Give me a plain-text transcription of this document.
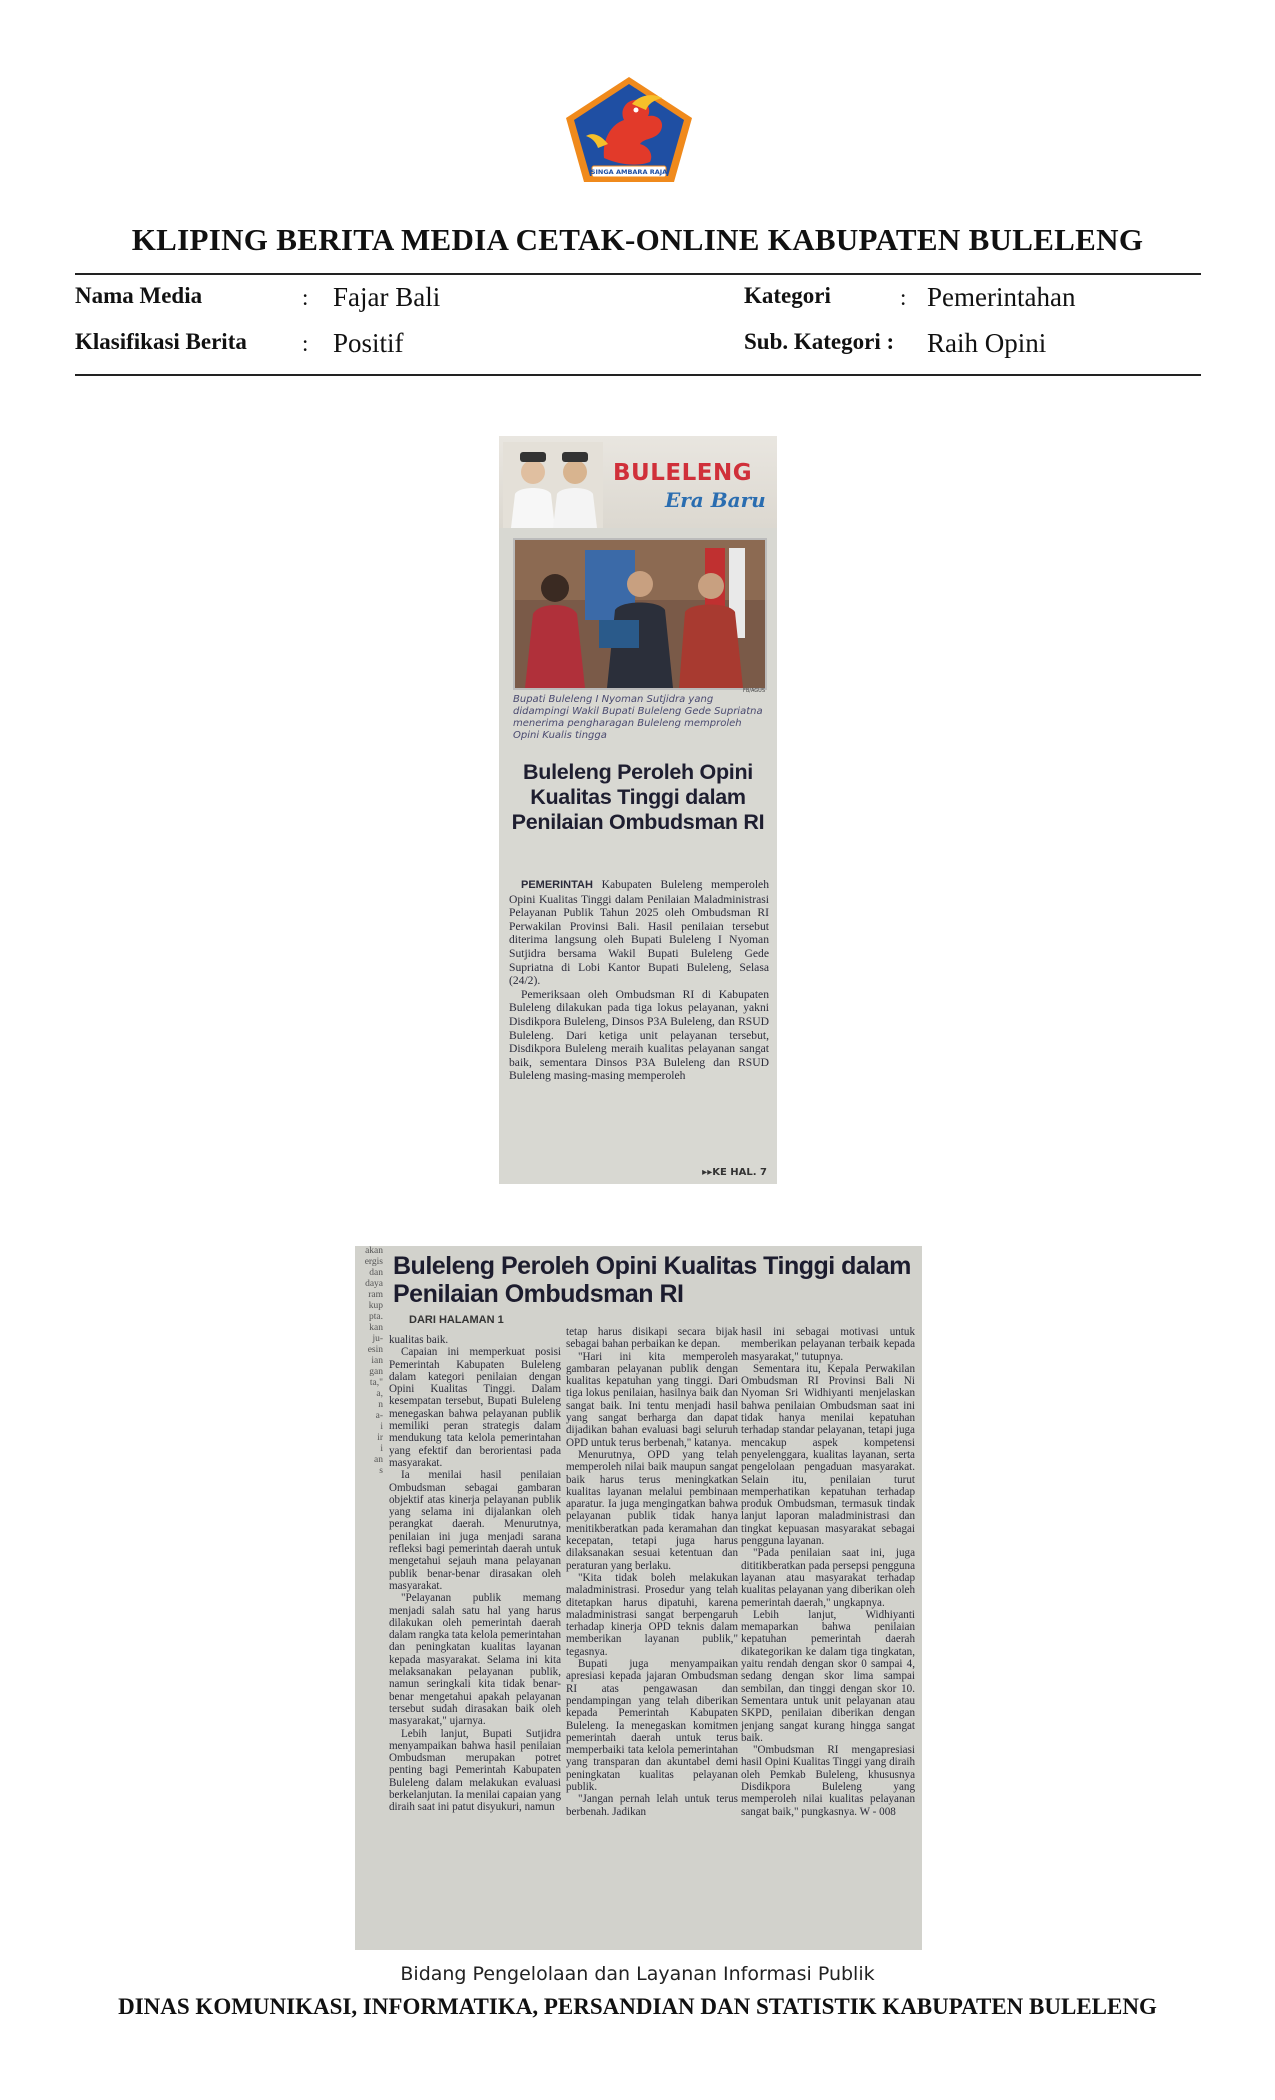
SINGA AMBARA RAJA
KLIPING BERITA MEDIA CETAK-ONLINE KABUPATEN BULELENG
Nama Media	: Fajar Bali	Kategori	: Pemerintahan
Klasifikasi Berita : Positif	Sub. Kategori : Raih Opini
BULELENG
Era Baru
FB/AGUS
Bupati Buleleng I Nyoman Sutjidra yang didampingi Wakil Bupati Buleleng Gede Supriatna menerima pengharagan Buleleng memproleh Opini Kualis tingga
Buleleng Peroleh Opini Kualitas Tinggi dalam Penilaian Ombudsman RI

PEMERINTAH Kabupaten Buleleng memperoleh Opini Kualitas Tinggi dalam Penilaian Maladministrasi Pelayanan Publik Tahun 2025 oleh Ombudsman RI Perwakilan Provinsi Bali. Hasil penilaian tersebut diterima langsung oleh Bupati Buleleng I Nyoman Sutjidra bersama Wakil Bupati Buleleng Gede Supriatna di Lobi Kantor Bupati Buleleng, Selasa (24/2).

Pemeriksaan oleh Ombudsman RI di Kabupaten Buleleng dilakukan pada tiga lokus pelayanan, yakni Disdikpora Buleleng, Dinsos P3A Buleleng, dan RSUD Buleleng. Dari ketiga unit pelayanan tersebut, Disdikpora Buleleng meraih kualitas pelayanan sangat baik, sementara Dinsos P3A Buleleng dan RSUD Buleleng masing-masing memperoleh

▸▸KE HAL. 7
akan
ergis
dan
daya
ram
kup
pta.
kan
ju-
esin
ian
gan
ta,"
a,
n
a-
i
ir
i
an
s
Buleleng Peroleh Opini Kualitas Tinggi dalam Penilaian Ombudsman RI
DARI HALAMAN 1

kualitas baik.

Capaian ini memperkuat posisi Pemerintah Kabupaten Buleleng dalam kategori penilaian dengan Opini Kualitas Tinggi. Dalam kesempatan tersebut, Bupati Buleleng menegaskan bahwa pelayanan publik memiliki peran strategis dalam mendukung tata kelola pemerintahan yang efektif dan berorientasi pada masyarakat.

Ia menilai hasil penilaian Ombudsman sebagai gambaran objektif atas kinerja pelayanan publik yang selama ini dijalankan oleh perangkat daerah. Menurutnya, penilaian ini juga menjadi sarana refleksi bagi pemerintah daerah untuk mengetahui sejauh mana pelayanan publik benar-benar dirasakan oleh masyarakat.

"Pelayanan publik memang menjadi salah satu hal yang harus dilakukan oleh pemerintah daerah dalam rangka tata kelola pemerintahan dan peningkatan kualitas layanan kepada masyarakat. Selama ini kita melaksanakan pelayanan publik, namun seringkali kita tidak benar-benar mengetahui apakah pelayanan tersebut sudah dirasakan baik oleh masyarakat," ujarnya.

Lebih lanjut, Bupati Sutjidra menyampaikan bahwa hasil penilaian Ombudsman merupakan potret penting bagi Pemerintah Kabupaten Buleleng dalam melakukan evaluasi berkelanjutan. Ia menilai capaian yang diraih saat ini patut disyukuri, namun

tetap harus disikapi secara bijak sebagai bahan perbaikan ke depan.

"Hari ini kita memperoleh gambaran pelayanan publik dengan kualitas kepatuhan yang tinggi. Dari tiga lokus penilaian, hasilnya baik dan sangat baik. Ini tentu menjadi hasil yang sangat berharga dan dapat dijadikan bahan evaluasi bagi seluruh OPD untuk terus berbenah," katanya.

Menurutnya, OPD yang telah memperoleh nilai baik maupun sangat baik harus terus meningkatkan kualitas layanan melalui pembinaan aparatur. Ia juga mengingatkan bahwa pelayanan publik tidak hanya menitikberatkan pada keramahan dan kecepatan, tetapi juga harus dilaksanakan sesuai ketentuan dan peraturan yang berlaku.

"Kita tidak boleh melakukan maladministrasi. Prosedur yang telah ditetapkan harus dipatuhi, karena maladministrasi sangat berpengaruh terhadap kinerja OPD teknis dalam memberikan layanan publik," tegasnya.

Bupati juga menyampaikan apresiasi kepada jajaran Ombudsman RI atas pengawasan dan pendampingan yang telah diberikan kepada Pemerintah Kabupaten Buleleng. Ia menegaskan komitmen pemerintah daerah untuk terus memperbaiki tata kelola pemerintahan yang transparan dan akuntabel demi peningkatan kualitas pelayanan publik.

"Jangan pernah lelah untuk terus berbenah. Jadikan

hasil ini sebagai motivasi untuk memberikan pelayanan terbaik kepada masyarakat," tutupnya.

Sementara itu, Kepala Perwakilan Ombudsman RI Provinsi Bali Ni Nyoman Sri Widhiyanti menjelaskan bahwa penilaian Ombudsman saat ini tidak hanya menilai kepatuhan terhadap standar pelayanan, tetapi juga mencakup aspek kompetensi penyelenggara, kualitas layanan, serta pengelolaan pengaduan masyarakat. Selain itu, penilaian turut memperhatikan kepatuhan terhadap produk Ombudsman, termasuk tindak lanjut laporan maladministrasi dan tingkat kepuasan masyarakat sebagai pengguna layanan.

"Pada penilaian saat ini, juga dititikberatkan pada persepsi pengguna layanan atau masyarakat terhadap kualitas pelayanan yang diberikan oleh pemerintah daerah," ungkapnya.

Lebih lanjut, Widhiyanti memaparkan bahwa penilaian kepatuhan pemerintah daerah dikategorikan ke dalam tiga tingkatan, yaitu rendah dengan skor 0 sampai 4, sedang dengan skor lima sampai sembilan, dan tinggi dengan skor 10. Sementara untuk unit pelayanan atau SKPD, penilaian diberikan dengan jenjang sangat kurang hingga sangat baik.

"Ombudsman RI mengapresiasi hasil Opini Kualitas Tinggi yang diraih oleh Pemkab Buleleng, khususnya Disdikpora Buleleng yang memperoleh nilai kualitas pelayanan sangat baik," pungkasnya. W - 008

Bidang Pengelolaan dan Layanan Informasi Publik
DINAS KOMUNIKASI, INFORMATIKA, PERSANDIAN DAN STATISTIK KABUPATEN BULELENG
